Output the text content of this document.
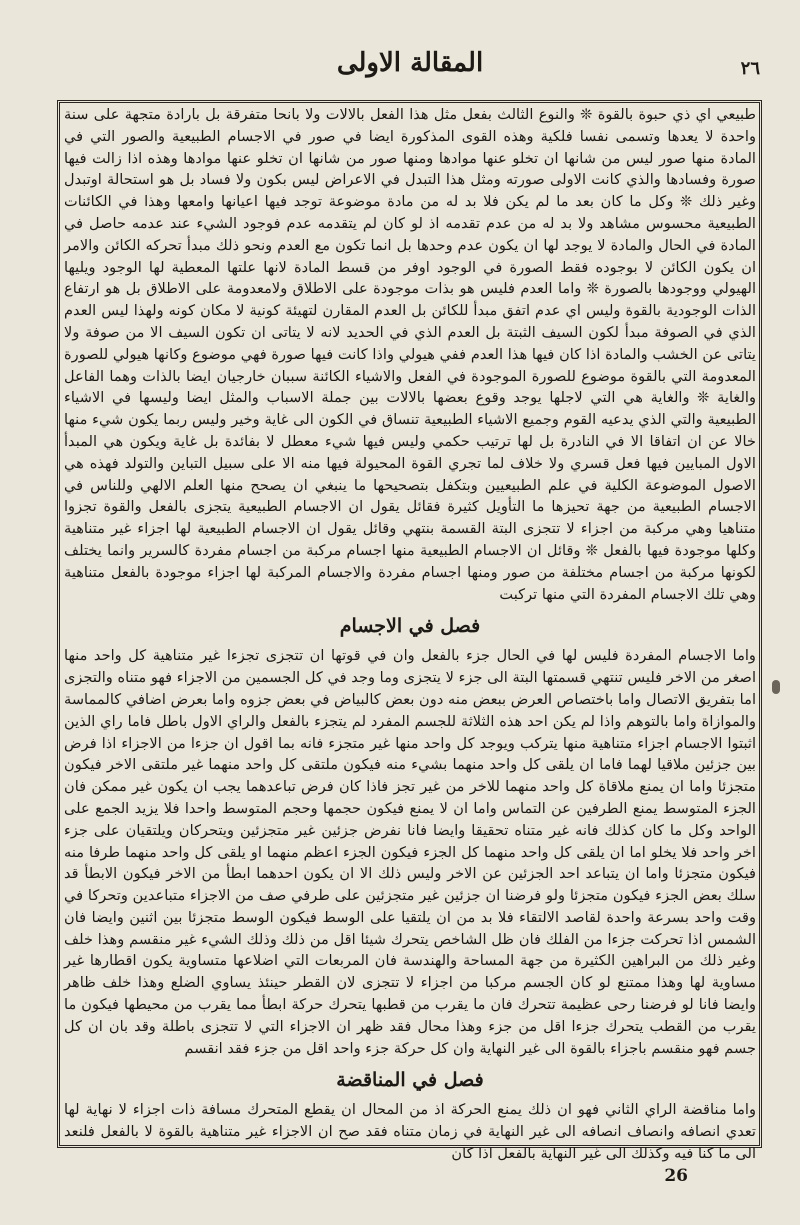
٢٦
المقالة الاولى

طبيعي اي ذي حبوة بالقوة ❊ والنوع الثالث بفعل مثل هذا الفعل بالالات ولا بانحا متفرقة بل بارادة متجهة على سنة واحدة لا يعدها وتسمى نفسا فلكية وهذه القوى المذكورة ايضا في صور في الاجسام الطبيعية والصور التي في المادة منها صور ليس من شانها ان تخلو عنها موادها ومنها صور من شانها ان تخلو عنها موادها وهذه اذا زالت فيها صورة وفسادها والذي كانت الاولى صورته ومثل هذا التبدل في الاعراض ليس بكون ولا فساد بل هو استحالة اوتبدل وغير ذلك ❊ وكل ما كان بعد ما لم يكن فلا بد له من مادة موضوعة توجد فيها اعيانها وامعها وهذا في الكائنات الطبيعية محسوس مشاهد ولا بد له من عدم تقدمه اذ لو كان لم يتقدمه عدم فوجود الشيء عند عدمه حاصل في المادة في الحال والمادة لا يوجد لها ان يكون عدم وحدها بل انما تكون مع العدم ونحو ذلك مبدأ تحركه الكائن والامر ان يكون الكائن لا بوجوده فقط الصورة في الوجود اوفر من قسط المادة لانها علتها المعطية لها الوجود ويليها الهيولي ووجودها بالصورة ❊ واما العدم فليس هو بذات موجودة على الاطلاق ولامعدومة على الاطلاق بل هو ارتفاع الذات الوجودية بالقوة وليس اي عدم اتفق مبدأ للكائن بل العدم المقارن لتهيئة كونية لا مكان كونه ولهذا ليس العدم الذي في الصوفة مبدأ لكون السيف الثبتة بل العدم الذي في الحديد لانه لا يتاتى ان تكون السيف الا من صوفة ولا يتاتى عن الخشب والمادة اذا كان فيها هذا العدم ففي هيولي واذا كانت فيها صورة فهي موضوع وكانها هيولي للصورة المعدومة التي بالقوة موضوع للصورة الموجودة في الفعل والاشياء الكائنة سببان خارجيان ايضا بالذات وهما الفاعل والغاية ❊ والغاية هي التي لاجلها يوجد وقوع بعضها بالالات بين جملة الاسباب والمثل ايضا وليسها في الاشياء الطبيعية والتي الذي يدعيه القوم وجميع الاشياء الطبيعية تنساق في الكون الى غاية وخير وليس ربما يكون شيء منها خالا عن ان اتفاقا الا في النادرة بل لها ترتيب حكمي وليس فيها شيء معطل لا بفائدة بل غاية ويكون هي المبدأ الاول المبايين فيها فعل قسري ولا خلاف لما تجري القوة المحيولة فيها منه الا على سبيل التباين والتولد فهذه هي الاصول الموضوعة الكلية في علم الطبيعيين وبتكفل بتصحيحها ما ينبغي ان يصحح منها العلم الالهي وللناس في الاجسام الطبيعية من جهة تحيزها ما التأويل كثيرة فقائل يقول ان الاجسام الطبيعية يتجزى بالفعل والقوة تجزوا متناهيا وهي مركبة من اجزاء لا تتجزى البتة القسمة بنتهي وقائل يقول ان الاجسام الطبيعية لها اجزاء غير متناهية وكلها موجودة فيها بالفعل ❊ وقائل ان الاجسام الطبيعية منها اجسام مركبة من اجسام مفردة كالسرير وانما يختلف لكونها مركبة من اجسام مختلفة من صور ومنها اجسام مفردة والاجسام المركبة لها اجزاء موجودة بالفعل متناهية وهي تلك الاجسام المفردة التي منها تركبت

فصل في الاجسام

واما الاجسام المفردة فليس لها في الحال جزء بالفعل وان في قوتها ان تتجزى تجزءا غير متناهية كل واحد منها اصغر من الاخر فليس تنتهي قسمتها البتة الى جزء لا يتجزى وما وجد في كل الجسمين من الاجزاء فهو متناه والتجزى اما بتفريق الاتصال واما باختصاص العرض ببعض منه دون بعض كالبياض في بعض جزوه واما بعرض اضافي كالمماسة والموازاة واما بالتوهم واذا لم يكن احد هذه الثلاثة للجسم المفرد لم يتجزء بالفعل والراي الاول باطل فاما راي الذين اثبتوا الاجسام اجزاء متناهية منها يتركب ويوجد كل واحد منها غير متجزء فانه بما اقول ان جزءا من الاجزاء اذا فرض بين جزئين ملاقيا لهما فاما ان يلقى كل واحد منهما بشيء منه فيكون ملتقى كل واحد منهما غير ملتقى الاخر فيكون متجزئا واما ان يمنع ملاقاة كل واحد منهما للاخر من غير تجز فاذا كان فرض تباعدهما يجب ان يكون غير ممكن فان الجزء المتوسط يمنع الطرفين عن التماس واما ان لا يمنع فيكون حجمها وحجم المتوسط واحدا فلا يزيد الجمع على الواحد وكل ما كان كذلك فانه غير متناه تحقيقا وايضا فانا نفرض جزئين غير متجزئين ويتحركان ويلتقيان على جزء اخر واحد فلا يخلو اما ان يلقى كل واحد منهما كل الجزء فيكون الجزء اعظم منهما او يلقى كل واحد منهما طرفا منه فيكون متجزئا واما ان يتباعد احد الجزئين عن الاخر وليس ذلك الا ان يكون احدهما ابطأ من الاخر فيكون الابطأ قد سلك بعض الجزء فيكون متجزئا ولو فرضنا ان جزئين غير متجزئين على طرفي صف من الاجزاء متباعدين وتحركا في وقت واحد بسرعة واحدة لقاصد الالتقاء فلا بد من ان يلتقيا على الوسط فيكون الوسط متجزئا بين اثنين وايضا فان الشمس اذا تحركت جزءا من الفلك فان ظل الشاخص يتحرك شيئا اقل من ذلك وذلك الشيء غير منقسم وهذا خلف وغير ذلك من البراهين الكثيرة من جهة المساحة والهندسة فان المربعات التي اضلاعها متساوية يكون اقطارها غير مساوية لها وهذا ممتنع لو كان الجسم مركبا من اجزاء لا تتجزى لان القطر حينئذ يساوي الضلع وهذا خلف ظاهر وايضا فانا لو فرضنا رحى عظيمة تتحرك فان ما يقرب من قطبها يتحرك حركة ابطأ مما يقرب من محيطها فيكون ما يقرب من القطب يتحرك جزءا اقل من جزء وهذا محال فقد ظهر ان الاجزاء التي لا تتجزى باطلة وقد بان ان كل جسم فهو منقسم باجزاء بالقوة الى غير النهاية وان كل حركة جزء واحد اقل من جزء فقد انقسم

فصل في المناقضة

واما مناقضة الراي الثاني فهو ان ذلك يمنع الحركة اذ من المحال ان يقطع المتحرك مسافة ذات اجزاء لا نهاية لها تعدي انصافه وانصاف انصافه الى غير النهاية في زمان متناه فقد صح ان الاجزاء غير متناهية بالقوة لا بالفعل فلنعد الى ما كنا فيه وكذلك الى غير النهاية بالفعل اذا كان

26
